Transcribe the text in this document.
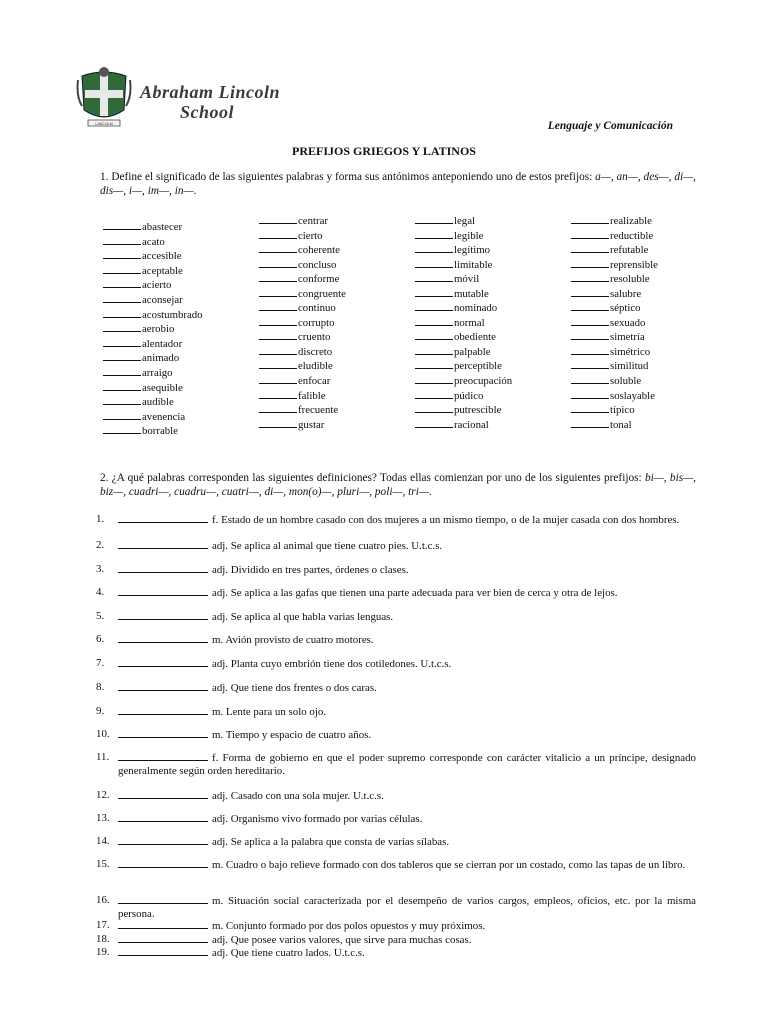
LINCOLN
Abraham Lincoln
School
Lenguaje y Comunicación
PREFIJOS GRIEGOS Y LATINOS
1. Define el significado de las siguientes palabras y forma sus antónimos anteponiendo uno de estos prefijos: a—, an—, des—, di—, dis—, i—, im—, in—.
abastecer
acato
accesible
aceptable
acierto
aconsejar
acostumbrado
aerobio
alentador
animado
arraigo
asequible
audible
avenencia
borrable
centrar
cierto
coherente
concluso
conforme
congruente
continuo
corrupto
cruento
discreto
eludible
enfocar
falible
frecuente
gustar
legal
legible
legítimo
limitable
móvil
mutable
nominado
normal
obediente
palpable
perceptible
preocupación
púdico
putrescible
racional
realizable
reductible
refutable
reprensible
resoluble
salubre
séptico
sexuado
simetría
simétrico
similitud
soluble
soslayable
típico
tonal
2. ¿A qué palabras corresponden las siguientes definiciones? Todas ellas comienzan por uno de los siguientes prefijos: bi—, bis—, biz—, cuadri—, cuadru—, cuatri—, di—, mon(o)—, pluri—, poli—, tri—.
1.	f. Estado de un hombre casado con dos mujeres a un mismo tiempo, o de la mujer casada con dos hombres.
2.	adj. Se aplica al animal que tiene cuatro pies. U.t.c.s.
3.	adj. Dividido en tres partes, órdenes o clases.
4.	adj. Se aplica a las gafas que tienen una parte adecuada para ver bien de cerca y otra de lejos.
5.	adj. Se aplica al que habla varias lenguas.
6.	m. Avión provisto de cuatro motores.
7.	adj. Planta cuyo embrión tiene dos cotiledones. U.t.c.s.
8.	adj. Que tiene dos frentes o dos caras.
9.	m. Lente para un solo ojo.
10.	m. Tiempo y espacio de cuatro años.
11.	f. Forma de gobierno en que el poder supremo corresponde con carácter vitalicio a un príncipe, designado generalmente según orden hereditario.
12.	adj. Casado con una sola mujer. U.t.c.s.
13.	adj. Organismo vivo formado por varias células.
14.	adj. Se aplica a la palabra que consta de varias sílabas.
15.	m. Cuadro o bajo relieve formado con dos tableros que se cierran por un costado, como las tapas de un libro.
16.	m. Situación social caracterizada por el desempeño de varios cargos, empleos, oficios, etc. por la misma persona.
17.	m. Conjunto formado por dos polos opuestos y muy próximos.
18.	adj. Que posee varios valores, que sirve para muchas cosas.
19.	adj. Que tiene cuatro lados. U.t.c.s.
